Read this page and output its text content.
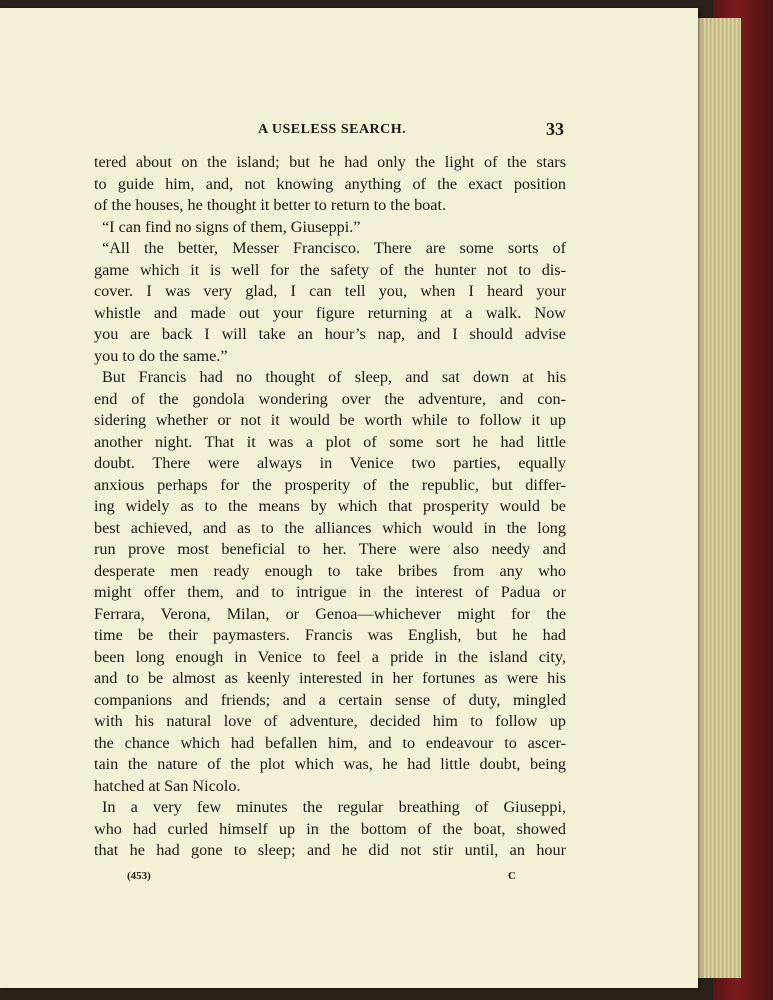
A USELESS SEARCH.	33
tered about on the island; but he had only the light of the stars
to guide him, and, not knowing anything of the exact position
of the houses, he thought it better to return to the boat.
“I can find no signs of them, Giuseppi.”
“All the better, Messer Francisco. There are some sorts of
game which it is well for the safety of the hunter not to dis-
cover. I was very glad, I can tell you, when I heard your
whistle and made out your figure returning at a walk. Now
you are back I will take an hour’s nap, and I should advise
you to do the same.”
But Francis had no thought of sleep, and sat down at his
end of the gondola wondering over the adventure, and con-
sidering whether or not it would be worth while to follow it up
another night. That it was a plot of some sort he had little
doubt. There were always in Venice two parties, equally
anxious perhaps for the prosperity of the republic, but differ-
ing widely as to the means by which that prosperity would be
best achieved, and as to the alliances which would in the long
run prove most beneficial to her. There were also needy and
desperate men ready enough to take bribes from any who
might offer them, and to intrigue in the interest of Padua or
Ferrara, Verona, Milan, or Genoa—whichever might for the
time be their paymasters. Francis was English, but he had
been long enough in Venice to feel a pride in the island city,
and to be almost as keenly interested in her fortunes as were his
companions and friends; and a certain sense of duty, mingled
with his natural love of adventure, decided him to follow up
the chance which had befallen him, and to endeavour to ascer-
tain the nature of the plot which was, he had little doubt, being
hatched at San Nicolo.
In a very few minutes the regular breathing of Giuseppi,
who had curled himself up in the bottom of the boat, showed
that he had gone to sleep; and he did not stir until, an hour
(453)	C
